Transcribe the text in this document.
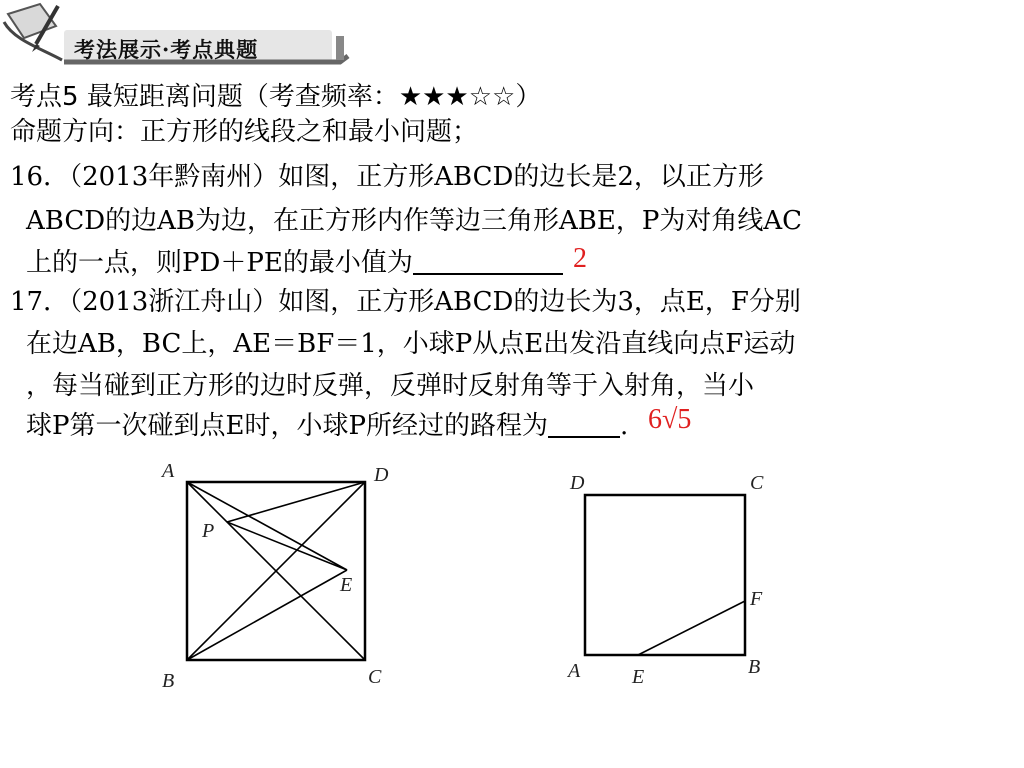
考法展示·考点典题
考点5 最短距离问题（考查频率：★★★☆☆）
命题方向：正方形的线段之和最小问题；
16．（2013年黔南州）如图，正方形ABCD的边长是2，以正方形
ABCD的边AB为边，在正方形内作等边三角形ABE，P为对角线AC
上的一点，则PD＋PE的最小值为	2
17．（2013浙江舟山）如图，正方形ABCD的边长为3，点E，F分别
在边AB，BC上，AE＝BF＝1，小球P从点E出发沿直线向点F运动
，每当碰到正方形的边时反弹，反弹时反射角等于入射角，当小
球P第一次碰到点E时，小球P所经过的路程为	. 6√5
A	D
B	C
P
E
D	C
A	B
E
F
